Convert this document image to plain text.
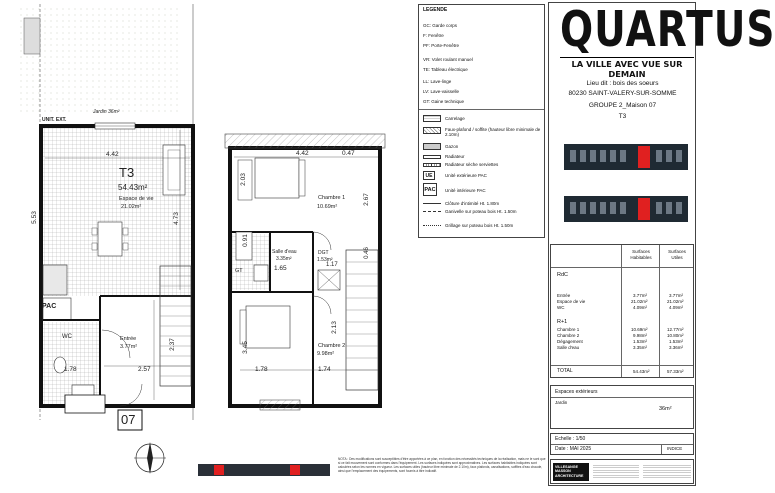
Jardin 36m²
UNIT. EXT.
T3
54.43m²
Espace de vie
21.02m²
Entrée
3.77m²
WC
PAC
07
Chambre 1
10.69m²
Chambre 2
9.98m²
Salle d'eau
3.35m²
DGT
1.53m²
GT
4.42	4.42	0.47
4.73
2.03
2.67
0.91
1.65
2.13
1.78	1.74
3.45
1.78	2.57
2.37
0.46
1.17
5.53
LEGENDE
GC: Garde corps
F: Fenêtre
PF: Porte-Fenêtre
VR: Volet roulant manuel
TE: Tableau électrique
LL: Lave-linge
LV: Lave-vaisselle
GT: Gaine technique
Carrelage
Faux-plafond / soffite (hauteur libre minimale de 2.10m)
Gazon
Radiateur
Radiateur sèche serviettes
UE	Unité extérieure PAC
PAC	Unité intérieure PAC
Clôture d'intimité Ht. 1.80m
Ganivelle sur poteau bois Ht. 1.50m
Grillage sur poteau bois Ht. 1.50m
QUARTUS
LA VILLE AVEC VUE SUR DEMAIN
Lieu dit : bois des soeurs
80230 SAINT-VALERY-SUR-SOMME
GROUPE 2_Maison 07
T3
Surfaces Habitables
Surfaces Utiles
RdC
Entrée	3.77m²	3.77m²
Espace de vie	21.02m²	21.02m²
WC	4.09m²	4.09m²
R+1
Chambre 1	10.69m²	12.77m²
Chambre 2	9.98m²	10.80m²
Dégagement	1.53m²	1.53m²
Salle d'eau	3.35m²	3.36m²
TOTAL	54.43m²	57.33m²
Espaces extérieurs
Jardin
36m²
Echelle : 1/50
Date : MAI 2025	INDICE
VILLESANGE MASSON ARCHITECTURE
NOTA : Des modifications sont susceptibles d'être apportées à ce plan, en fonction des nécessités techniques de la réalisation, mais ne le sont que si ce fait mouvement sont conformes dans l'équipement. Les surfaces indiquées sont approximatives. Les surfaces habitables indiquées sont calculées selon les normes en vigueur. Les surfaces utiles (hauteur libre minimale de 2.10m), faux plafonds, canalisations, soffites d'eau chaude, ainsi que l'emplacement des équipements, sont fournis à titre indicatif.
